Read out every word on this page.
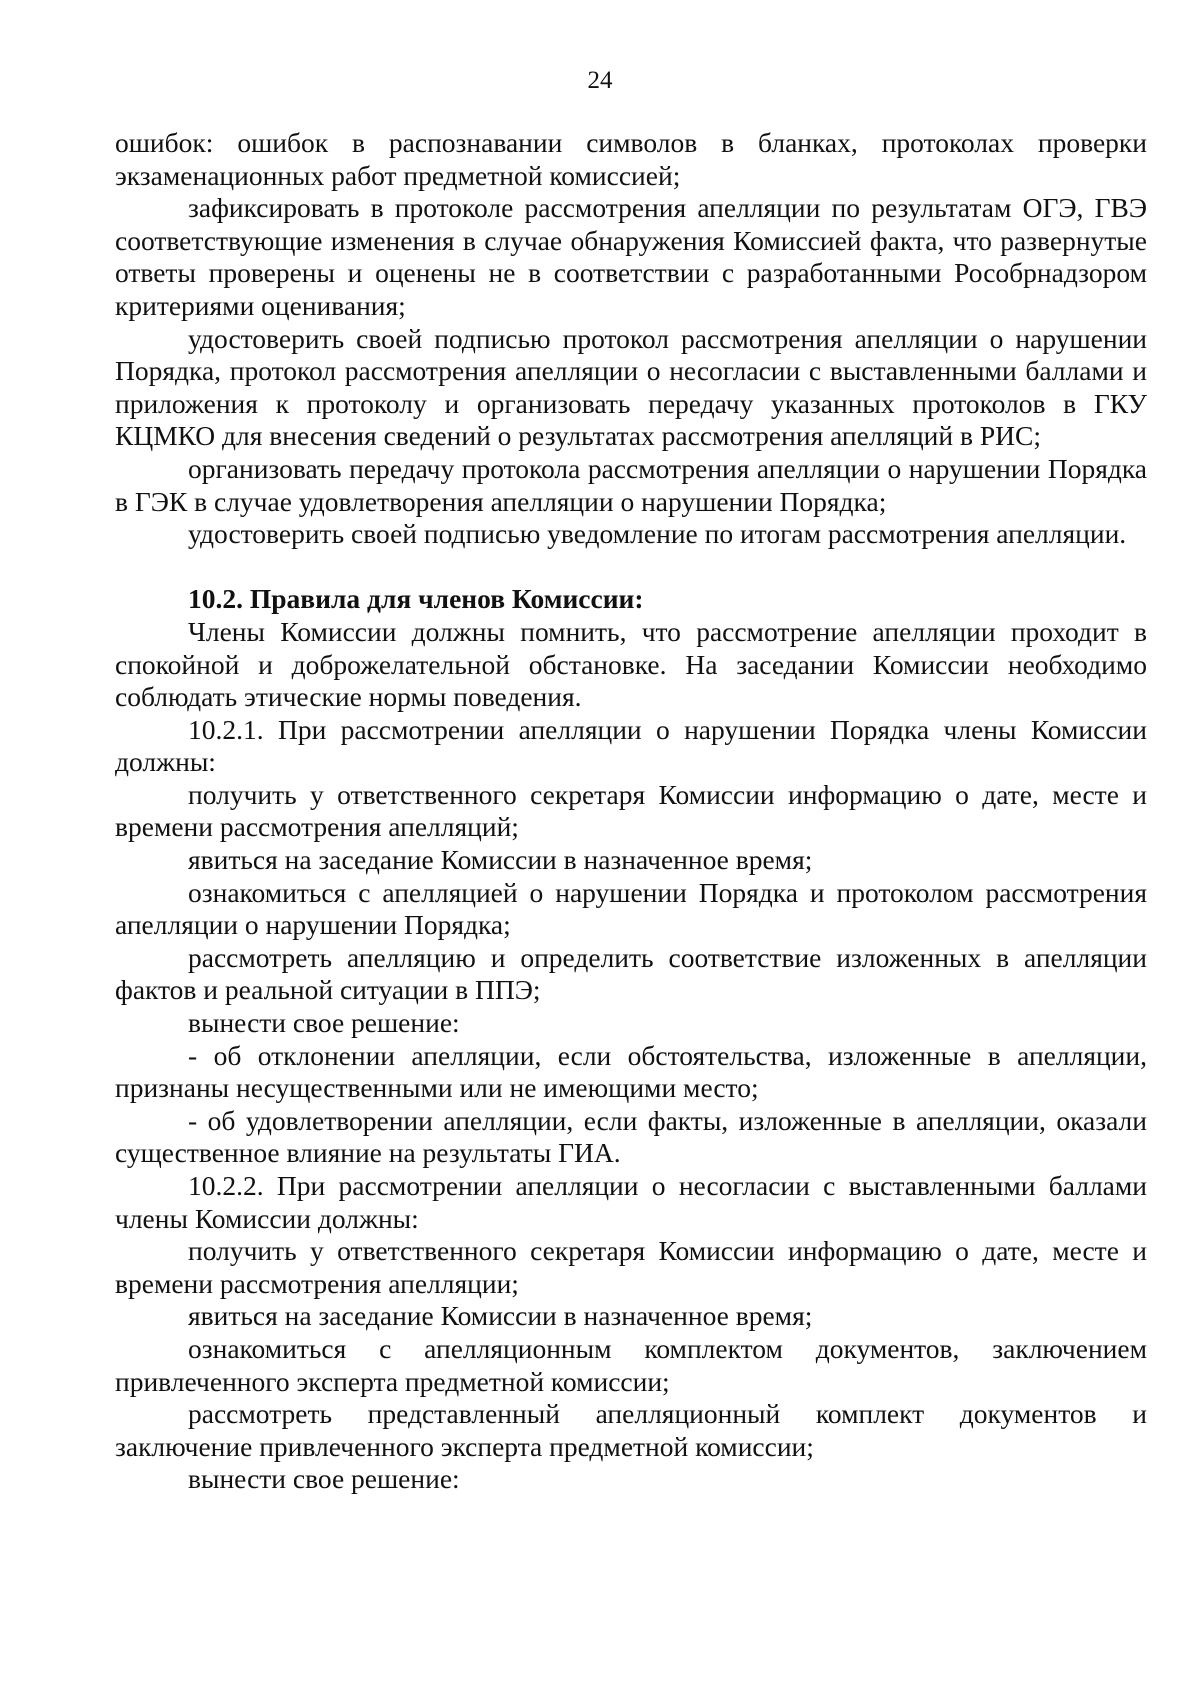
24

ошибок: ошибок в распознавании символов в бланках, протоколах проверки экзаменационных работ предметной комиссией;

зафиксировать в протоколе рассмотрения апелляции по результатам ОГЭ, ГВЭ соответствующие изменения в случае обнаружения Комиссией факта, что развернутые ответы проверены и оценены не в соответствии с разработанными Рособрнадзором критериями оценивания;

удостоверить своей подписью протокол рассмотрения апелляции о нарушении Порядка, протокол рассмотрения апелляции о несогласии с выставленными баллами и приложения к протоколу и организовать передачу указанных протоколов в ГКУ КЦМКО для внесения сведений о результатах рассмотрения апелляций в РИС;

организовать передачу протокола рассмотрения апелляции о нарушении Порядка в ГЭК в случае удовлетворения апелляции о нарушении Порядка;

удостоверить своей подписью уведомление по итогам рассмотрения апелляции.

10.2. Правила для членов Комиссии:

Члены Комиссии должны помнить, что рассмотрение апелляции проходит в спокойной и доброжелательной обстановке. На заседании Комиссии необходимо соблюдать этические нормы поведения.

10.2.1. При рассмотрении апелляции о нарушении Порядка члены Комиссии должны:

получить у ответственного секретаря Комиссии информацию о дате, месте и времени рассмотрения апелляций;

явиться на заседание Комиссии в назначенное время;

ознакомиться с апелляцией о нарушении Порядка и протоколом рассмотрения апелляции о нарушении Порядка;

рассмотреть апелляцию и определить соответствие изложенных в апелляции фактов и реальной ситуации в ППЭ;

вынести свое решение:

- об отклонении апелляции, если обстоятельства, изложенные в апелляции, признаны несущественными или не имеющими место;

- об удовлетворении апелляции, если факты, изложенные в апелляции, оказали существенное влияние на результаты ГИА.

10.2.2. При рассмотрении апелляции о несогласии с выставленными баллами члены Комиссии должны:

получить у ответственного секретаря Комиссии информацию о дате, месте и времени рассмотрения апелляции;

явиться на заседание Комиссии в назначенное время;

ознакомиться с апелляционным комплектом документов, заключением привлеченного эксперта предметной комиссии;

рассмотреть представленный апелляционный комплект документов и заключение привлеченного эксперта предметной комиссии;

вынести свое решение:
